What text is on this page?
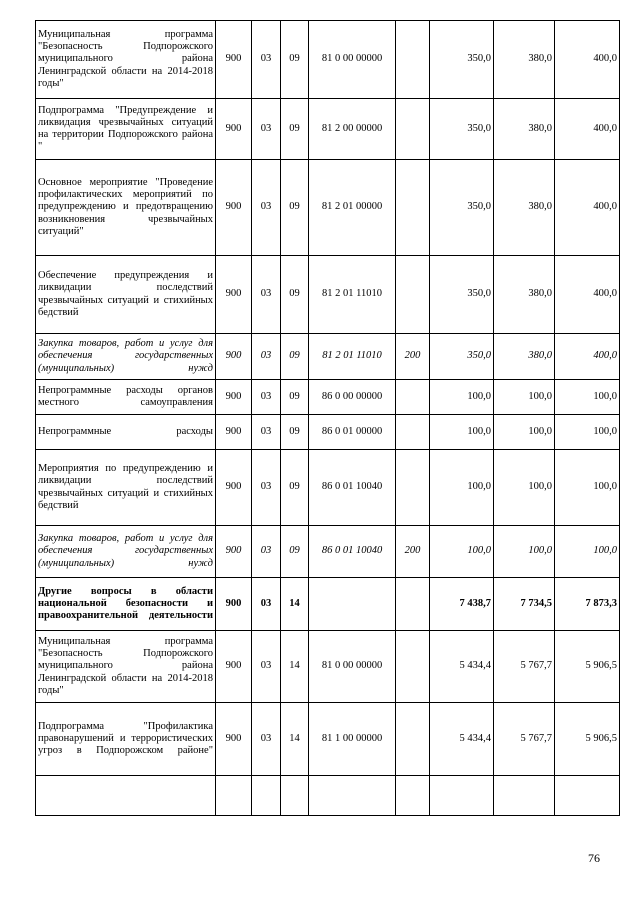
Муниципальная программа "Безопасность Подпорожского муниципального района Ленинградской области на 2014-2018 годы"	900	03	09	81 0 00 00000		350,0	380,0	400,0
Подпрограмма "Предупреждение и ликвидация чрезвычайных ситуаций на территории Подпорожского района "	900	03	09	81 2 00 00000		350,0	380,0	400,0
Основное мероприятие "Проведение профилактических мероприятий по предупреждению и предотвращению возникновения чрезвычайных ситуаций"	900	03	09	81 2 01 00000		350,0	380,0	400,0
Обеспечение предупреждения и ликвидации последствий чрезвычайных ситуаций и стихийных бедствий	900	03	09	81 2 01 11010		350,0	380,0	400,0
Закупка товаров, работ и услуг для обеспечения государственных (муниципальных) нужд	900	03	09	81 2 01 11010	200	350,0	380,0	400,0
Непрограммные расходы органов местного самоуправления	900	03	09	86 0 00 00000		100,0	100,0	100,0
Непрограммные расходы	900	03	09	86 0 01 00000		100,0	100,0	100,0
Мероприятия по предупреждению и ликвидации последствий чрезвычайных ситуаций и стихийных бедствий	900	03	09	86 0 01 10040		100,0	100,0	100,0
Закупка товаров, работ и услуг для обеспечения государственных (муниципальных) нужд	900	03	09	86 0 01 10040	200	100,0	100,0	100,0
Другие вопросы в области национальной безопасности и правоохранительной деятельности	900	03	14			7 438,7	7 734,5	7 873,3
Муниципальная программа "Безопасность Подпорожского муниципального района Ленинградской области на 2014-2018 годы"	900	03	14	81 0 00 00000		5 434,4	5 767,7	5 906,5
Подпрограмма "Профилактика правонарушений и террористических угроз в Подпорожском районе"	900	03	14	81 1 00 00000		5 434,4	5 767,7	5 906,5

76
